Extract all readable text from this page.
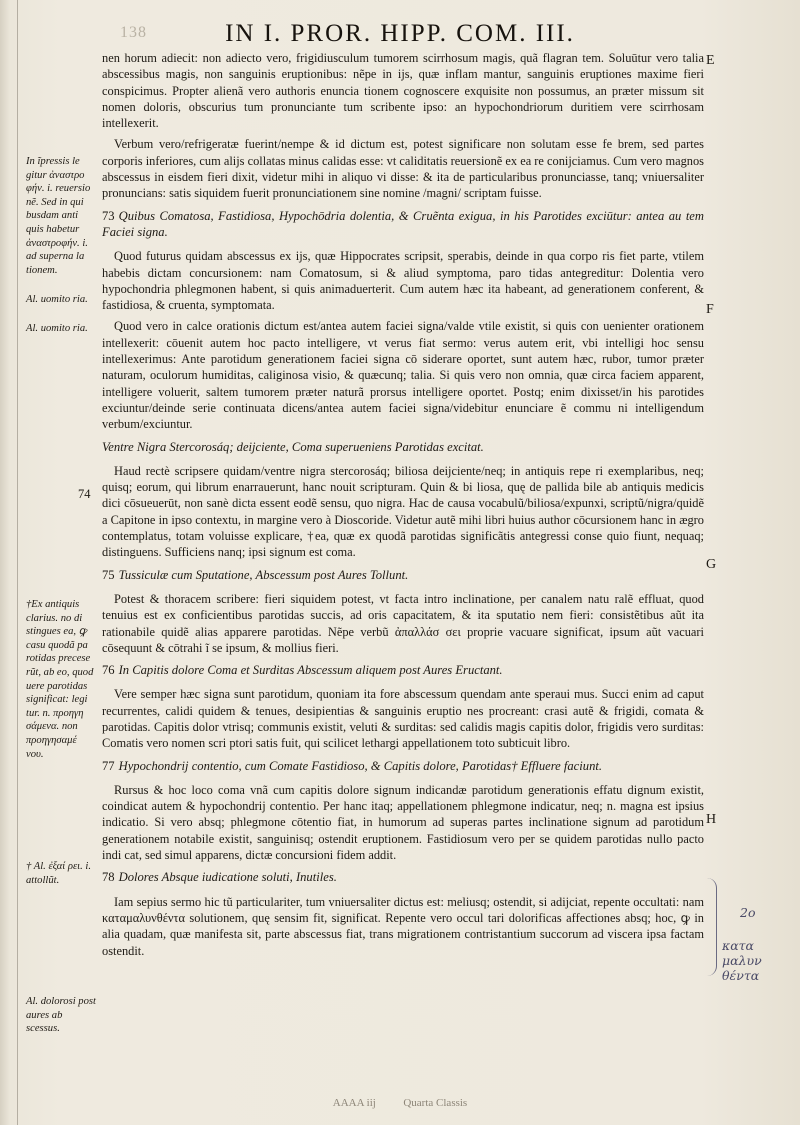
138	IN I. PROR. HIPP. COM. III.

nen horum adiecit: non adiecto vero, frigidiusculum tumorem scirrhosum magis, quã flagran tem. Soluūtur vero talia abscessibus magis, non sanguinis eruptionibus: nẽpe in ijs, quæ inflam mantur, sanguinis eruptiones maxime fieri conspicimus. Propter alienã vero authoris enuncia tionem cognoscere exquisite non possumus, an præter missum sit nomen doloris, obscurius tum pronunciante tum scribente ipso: an hypochondriorum duritiem vere scirrhosam intellexerit.

Verbum vero/refrigeratæ fuerint/nempe & id dictum est, potest significare non solutam esse fe brem, sed partes corporis inferiores, cum alijs collatas minus calidas esse: vt caliditatis reuersionẽ ex ea re conijciamus. Cum vero magnos abscessus in eisdem fieri dixit, videtur mihi in aliquo vi disse: & ita de particularibus pronunciasse, tanq; vniuersaliter pronuncians: satis siquidem fuerit pronunciationem sine nomine /magni/ scriptam fuisse.

73 Quibus Comatosa, Fastidiosa, Hypochōdria dolentia, & Cruẽnta exigua, in his Parotides exciūtur: antea au tem Faciei signa.

Quod futurus quidam abscessus ex ijs, quæ Hippocrates scripsit, sperabis, deinde in qua corpo ris fiet parte, vtilem habebis dictam concursionem: nam Comatosum, si & aliud symptoma, paro tidas antegreditur: Dolentia vero hypochondria phlegmonen habent, si quis animaduerterit. Cum autem hæc ita habeant, ad generationem conferent, & fastidiosa, & cruenta, symptomata.

Quod vero in calce orationis dictum est/antea autem faciei signa/valde vtile existit, si quis con uenienter orationem intellexerit: cōuenit autem hoc pacto intelligere, vt verus fiat sermo: verus autem erit, vbi intelligi hoc sensu intellexerimus: Ante parotidum generationem faciei signa cō siderare oportet, sunt autem hæc, rubor, tumor præter naturam, oculorum humiditas, caliginosa visio, & quæcunq; talia. Si quis vero non omnia, quæ circa faciem apparent, intelligere voluerit, saltem tumorem præter naturã prorsus intelligere oportet. Postq; enim dixisset/in his parotides exciuntur/deinde serie continuata dicens/antea autem faciei signa/videbitur enunciare ẽ commu ni intelligendum verbum/exciuntur.

Ventre Nigra Stercorosáq; deijciente, Coma superueniens Parotidas excitat.

Haud rectè scripsere quidam/ventre nigra stercorosáq; biliosa deijciente/neq; in antiquis repe ri exemplaribus, neq; quisq; eorum, qui librum enarrauerunt, hanc nouit scripturam. Quin & bi liosa, quę de pallida bile ab antiquis medicis dici cōsueuerūt, non sanè dicta essent eodẽ sensu, quo nigra. Hac de causa vocabulũ/biliosa/expunxi, scriptũ/nigra/quidẽ a Capitone in ipso contextu, in margine vero à Dioscoride. Videtur autẽ mihi libri huius author cōcursionem hanc in ægro contemplatus, totam voluisse explicare, †ea, quæ ex quodã parotidas significãtis antegressi conse quio fiunt, nequaq; distinguens. Sufficiens nanq; ipsi signum est coma.

75 Tussiculæ cum Sputatione, Abscessum post Aures Tollunt.

Potest & thoracem scribere: fieri siquidem potest, vt facta intro inclinatione, per canalem natu ralẽ effluat, quod tenuius est ex conficientibus parotidas succis, ad oris capacitatem, & ita sputatio nem fieri: consistẽtibus aũt ita rationabile quidẽ alias apparere parotidas. Nẽpe verbũ ἀπαλλάσ σει proprie vacuare significat, ipsum aũt vacuari cōsequunt & cōtrahi ĩ se ipsum, & mollius fieri.

76 In Capitis dolore Coma et Surditas Abscessum aliquem post Aures Eructant.

Vere semper hæc signa sunt parotidum, quoniam ita fore abscessum quendam ante speraui mus. Succi enim ad caput recurrentes, calidi quidem & tenues, desipientias & sanguinis eruptio nes procreant: crasi autẽ & frigidi, comata & parotidas. Capitis dolor vtrisq; communis existit, veluti & surditas: sed calidis magis capitis dolor, frigidis vero surditas: Comatis vero nomen scri ptori satis fuit, qui scilicet lethargi appellationem toto subticuit libro.

77 Hypochondrij contentio, cum Comate Fastidioso, & Capitis dolore, Parotidas† Effluere faciunt.

Rursus & hoc loco coma vnã cum capitis dolore signum indicandæ parotidum generationis effatu dignum existit, coindicat autem & hypochondrij contentio. Per hanc itaq; appellationem phlegmone indicatur, neq; n. magna est ipsius indicatio. Si vero absq; phlegmone cōtentio fiat, in humorum ad superas partes inclinatione signum ad parotidum generationem notabile existit, sanguinisq; ostendit eruptionem. Fastidiosum vero per se quidem parotidas nullo pacto indi cat, sed simul apparens, dictæ concursioni fidem addit.

78 Dolores Absque iudicatione soluti, Inutiles.

Iam sepius sermo hic tũ particulariter, tum vniuersaliter dictus est: meliusq; ostendit, si adijciat, repente occultati: nam καταμαλυνθέντα solutionem, quę sensim fit, significat. Repente vero occul tari dolorificas affectiones absq; hoc, ꝙ in alia quadam, quæ manifesta sit, parte abscessus fiat, trans migrationem contristantium succorum ad viscera ipsa factam ostendit.

In ĩpressis le gitur ἀναστρο φήν. i. reuersio nẽ. Sed in qui busdam anti quis habetur ἀναστροφήν. i. ad superna la tionem.
Al. uomito ria.
Al. uomito ria.
74
†Ex antiquis clarius. no di stingues ea, ꝙ casu quodã pa rotidas precese rũt, ab eo, quod uere parotidas significat: legi tur. n. προηγη σάμενα. non προηγησαμέ νου.
† Al. ἐξαί ρει. i. attollũt.
Al. dolorosi post aures ab scessus.
E
F
G
H
κατα μαλυν θέντα
2ο
AAAA iij	Quarta Classis
